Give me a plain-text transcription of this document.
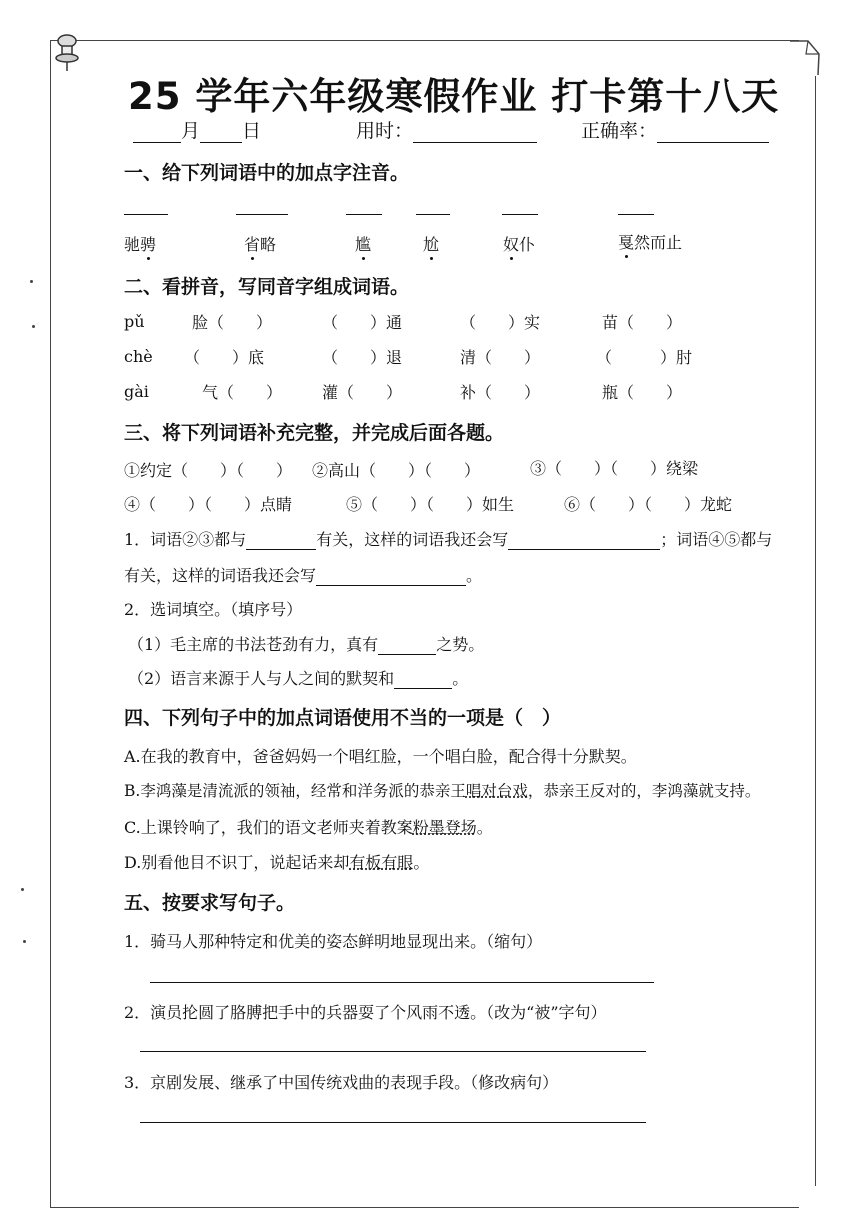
25 学年六年级寒假作业 打卡第十八天
月 日	用时：	正确率：
一、给下列词语中的加点字注音。
驰骋	省略	尴	尬	奴仆	戛然而止
二、看拼音，写同音字组成词语。
pǔ	脸（　　）	（　　）通	（　　）实	苗（　　）
chè （　　）底	（　　）退	清（　　）	（　　　）肘
gài	气（　　） 灌（　　）	补（　　）	瓶（　　）
三、将下列词语补充完整，并完成后面各题。
①约定（　　）（　　） ②高山（　　）（　　）	③（　　）（　　）绕梁
④（　　）（　　）点睛	⑤（　　）（　　）如生	⑥（　　）（　　）龙蛇
1．词语②③都与	有关，这样的词语我还会写	；词语④⑤都与
有关，这样的词语我还会写	。
2．选词填空。（填序号）
（1）毛主席的书法苍劲有力，真有	之势。
（2）语言来源于人与人之间的默契和	。
四、下列句子中的加点词语使用不当的一项是（　）
A.在我的教育中，爸爸妈妈一个唱红脸，一个唱白脸，配合得十分默契。
B.李鸿藻是清流派的领袖，经常和洋务派的恭亲王唱对台戏，恭亲王反对的，李鸿藻就支持。
C.上课铃响了，我们的语文老师夹着教案粉墨登场。
D.别看他目不识丁，说起话来却有板有眼。
五、按要求写句子。
1．骑马人那种特定和优美的姿态鲜明地显现出来。（缩句）
2．演员抡圆了胳膊把手中的兵器耍了个风雨不透。（改为“被”字句）
3．京剧发展、继承了中国传统戏曲的表现手段。（修改病句）
